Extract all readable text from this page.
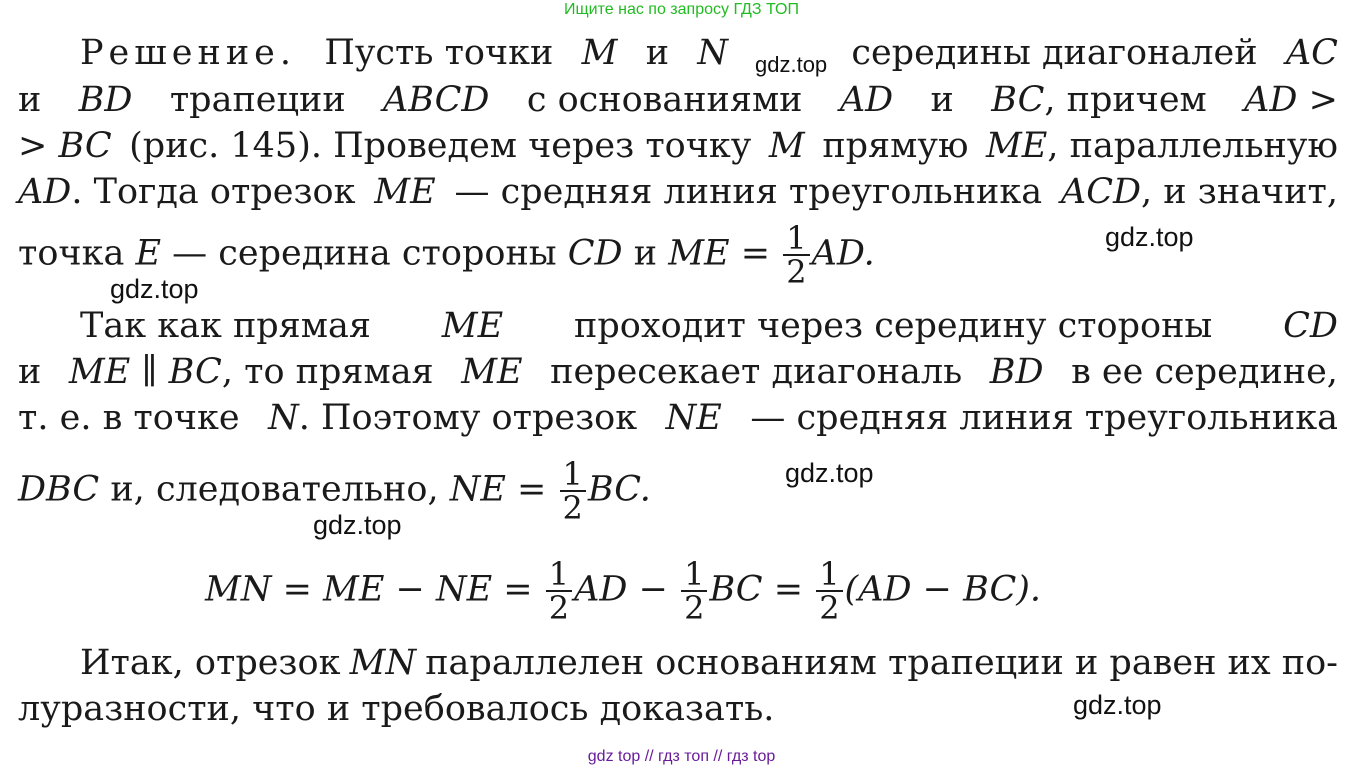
Ищите нас по запросу ГДЗ ТОП
Решение. Пусть точки M и N	середины диагоналей AC
и BD трапеции ABCD с основаниями AD и BC, причем AD >
> BC (рис. 145). Проведем через точку M прямую ME, параллельную
AD. Тогда отрезок ME — средняя линия треугольника ACD, и значит,
точка E — середина стороны CD и ME = $\frac{1}{2}$ AD.
Так как прямая ME проходит через середину стороны CD
и ME ∥ BC, то прямая ME пересекает диагональ BD в ее середине,
т. е. в точке N. Поэтому отрезок NE — средняя линия треугольника
DBC и, следовательно, NE = $\frac{1}{2}$ BC.
MN = ME − NE = $\frac{1}{2}$ AD − $\frac{1}{2}$ BC = $\frac{1}{2} (AD - BC)$.
Итак, отрезок MN параллелен основаниям трапеции и равен их по-
луразности, что и требовалось доказать.
gdz.top
gdz.top
gdz.top
gdz.top
gdz.top
gdz.top
gdz top // гдз топ // гдз top
